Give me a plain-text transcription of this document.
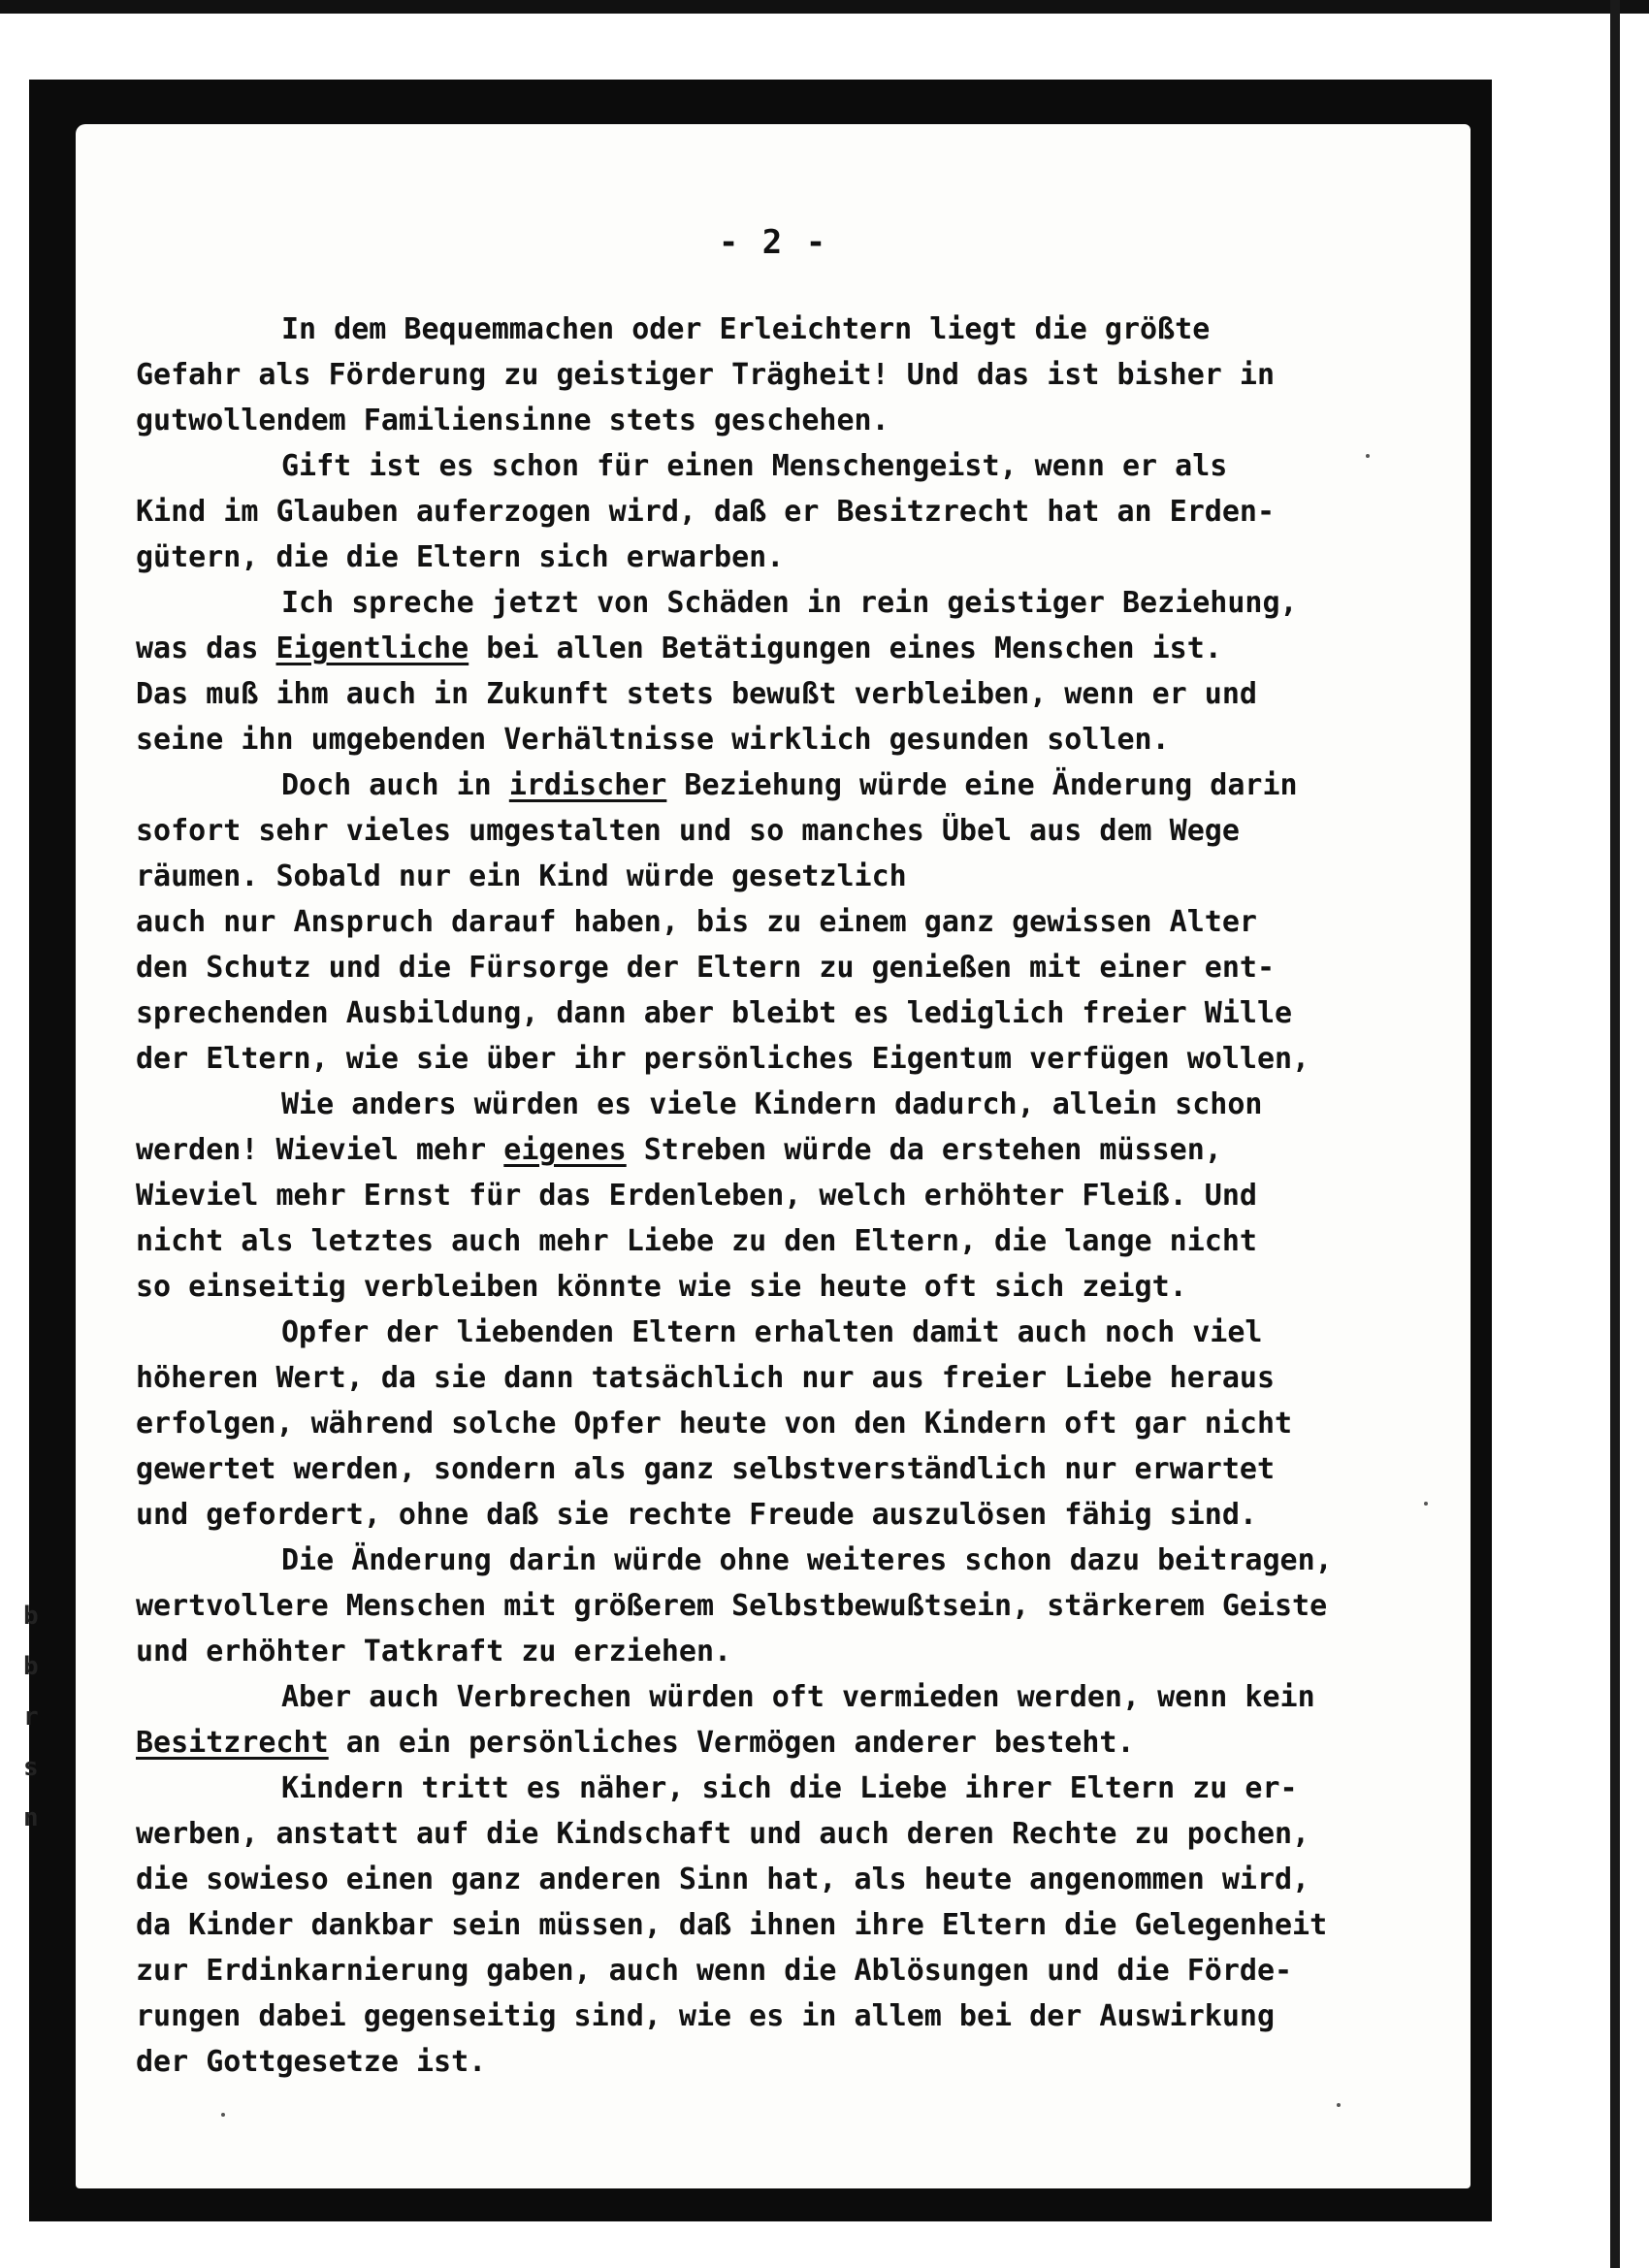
- 2 -
In dem Bequemmachen oder Erleichtern liegt die größte
Gefahr als Förderung zu geistiger Trägheit! Und das ist bisher in
gutwollendem Familiensinne stets geschehen.
Gift ist es schon für einen Menschengeist, wenn er als
Kind im Glauben auferzogen wird, daß er Besitzrecht hat an Erden-
gütern, die die Eltern sich erwarben.
Ich spreche jetzt von Schäden in rein geistiger Beziehung,
was das Eigentliche bei allen Betätigungen eines Menschen ist.
Das muß ihm auch in Zukunft stets bewußt verbleiben, wenn er und
seine ihn umgebenden Verhältnisse wirklich gesunden sollen.
Doch auch in irdischer Beziehung würde eine Änderung darin
sofort sehr vieles umgestalten und so manches Übel aus dem Wege
räumen. Sobald nur ein Kind würde gesetzlich
auch nur Anspruch darauf haben, bis zu einem ganz gewissen Alter
den Schutz und die Fürsorge der Eltern zu genießen mit einer ent-
sprechenden Ausbildung, dann aber bleibt es lediglich freier Wille
der Eltern, wie sie über ihr persönliches Eigentum verfügen wollen,
Wie anders würden es viele Kindern dadurch, allein schon
werden! Wieviel mehr eigenes Streben würde da erstehen müssen,
Wieviel mehr Ernst für das Erdenleben, welch erhöhter Fleiß. Und
nicht als letztes auch mehr Liebe zu den Eltern, die lange nicht
so einseitig verbleiben könnte wie sie heute oft sich zeigt.
Opfer der liebenden Eltern erhalten damit auch noch viel
höheren Wert, da sie dann tatsächlich nur aus freier Liebe heraus
erfolgen, während solche Opfer heute von den Kindern oft gar nicht
gewertet werden, sondern als ganz selbstverständlich nur erwartet
und gefordert, ohne daß sie rechte Freude auszulösen fähig sind.
Die Änderung darin würde ohne weiteres schon dazu beitragen,
wertvollere Menschen mit größerem Selbstbewußtsein, stärkerem Geiste
und erhöhter Tatkraft zu erziehen.
Aber auch Verbrechen würden oft vermieden werden, wenn kein
Besitzrecht an ein persönliches Vermögen anderer besteht.
Kindern tritt es näher, sich die Liebe ihrer Eltern zu er-
werben, anstatt auf die Kindschaft und auch deren Rechte zu pochen,
die sowieso einen ganz anderen Sinn hat, als heute angenommen wird,
da Kinder dankbar sein müssen, daß ihnen ihre Eltern die Gelegenheit
zur Erdinkarnierung gaben, auch wenn die Ablösungen und die Förde-
rungen dabei gegenseitig sind, wie es in allem bei der Auswirkung
der Gottgesetze ist.
b
b
r
s
n
